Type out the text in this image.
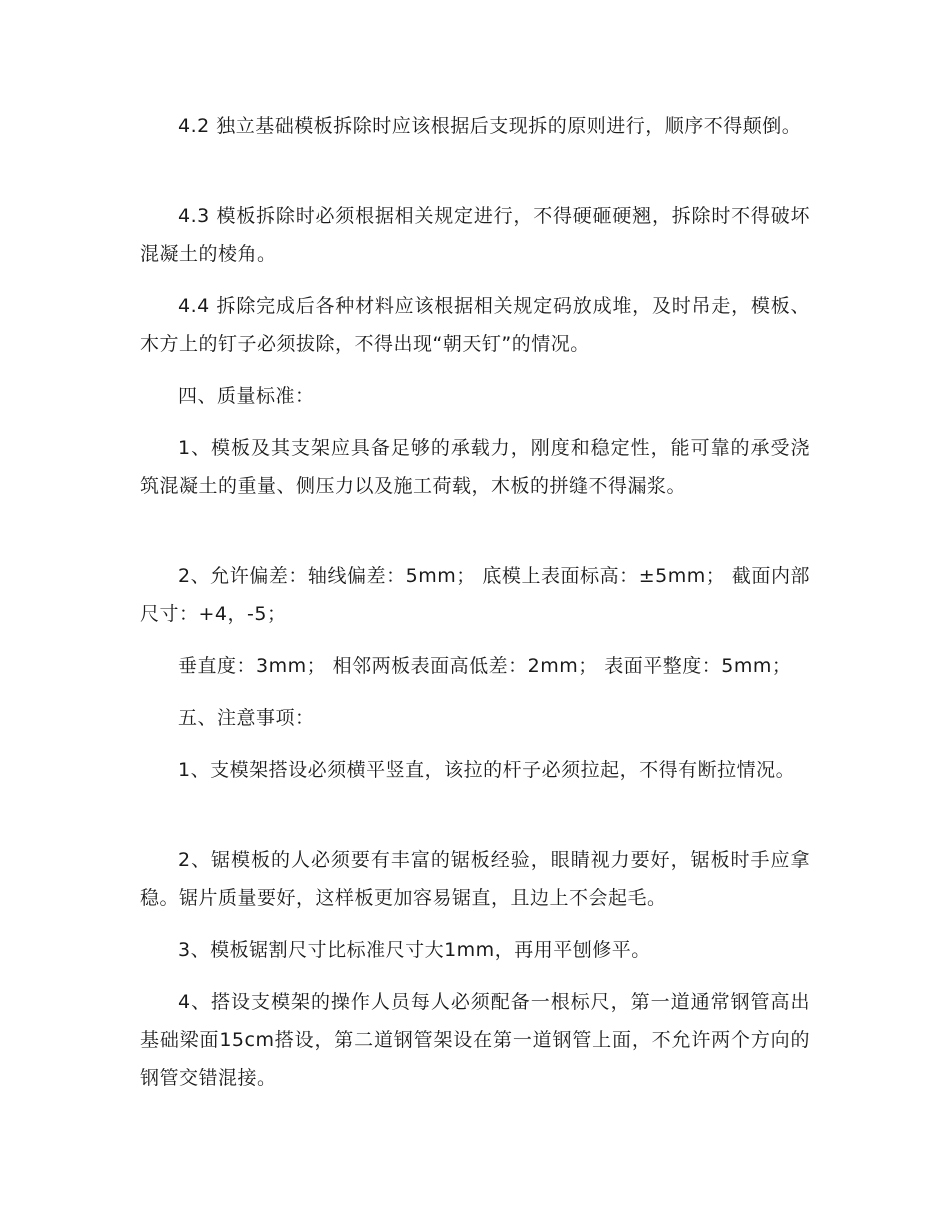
4.2 独立基础模板拆除时应该根据后支现拆的原则进行，顺序不得颠倒。

4.3 模板拆除时必须根据相关规定进行，不得硬砸硬翘，拆除时不得破坏混凝土的棱角。

4.4 拆除完成后各种材料应该根据相关规定码放成堆，及时吊走，模板、木方上的钉子必须拔除，不得出现“朝天钉”的情况。

四、质量标准：

1、模板及其支架应具备足够的承载力，刚度和稳定性，能可靠的承受浇筑混凝土的重量、侧压力以及施工荷载，木板的拼缝不得漏浆。

2、允许偏差：轴线偏差：5mm； 底模上表面标高：±5mm； 截面内部尺寸：+4，-5；

垂直度：3mm； 相邻两板表面高低差：2mm； 表面平整度：5mm；

五、注意事项：

1、支模架搭设必须横平竖直，该拉的杆子必须拉起，不得有断拉情况。

2、锯模板的人必须要有丰富的锯板经验，眼睛视力要好，锯板时手应拿稳。锯片质量要好，这样板更加容易锯直，且边上不会起毛。

3、模板锯割尺寸比标准尺寸大1mm，再用平刨修平。

4、搭设支模架的操作人员每人必须配备一根标尺，第一道通常钢管高出基础梁面15cm搭设，第二道钢管架设在第一道钢管上面，不允许两个方向的钢管交错混接。
